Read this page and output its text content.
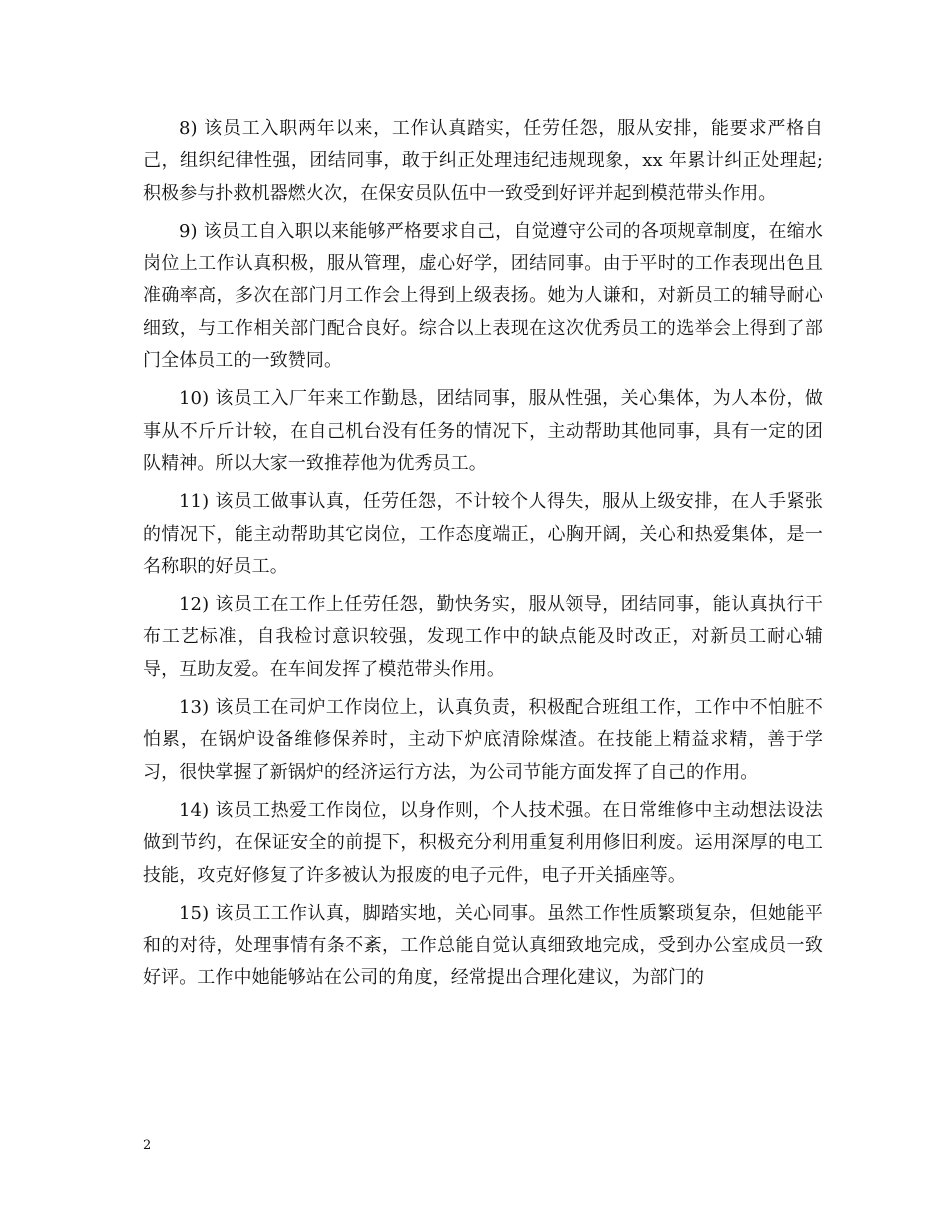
8) 该员工入职两年以来，工作认真踏实，任劳任怨，服从安排，能要求严格自己，组织纪律性强，团结同事，敢于纠正处理违纪违规现象，xx 年累计纠正处理起;积极参与扑救机器燃火次，在保安员队伍中一致受到好评并起到模范带头作用。

9) 该员工自入职以来能够严格要求自己，自觉遵守公司的各项规章制度，在缩水岗位上工作认真积极，服从管理，虚心好学，团结同事。由于平时的工作表现出色且准确率高，多次在部门月工作会上得到上级表扬。她为人谦和，对新员工的辅导耐心细致，与工作相关部门配合良好。综合以上表现在这次优秀员工的选举会上得到了部门全体员工的一致赞同。

10) 该员工入厂年来工作勤恳，团结同事，服从性强，关心集体，为人本份，做事从不斤斤计较，在自己机台没有任务的情况下，主动帮助其他同事，具有一定的团队精神。所以大家一致推荐他为优秀员工。

11) 该员工做事认真，任劳任怨，不计较个人得失，服从上级安排，在人手紧张的情况下，能主动帮助其它岗位，工作态度端正，心胸开阔，关心和热爱集体，是一名称职的好员工。

12) 该员工在工作上任劳任怨，勤快务实，服从领导，团结同事，能认真执行干布工艺标准，自我检讨意识较强，发现工作中的缺点能及时改正，对新员工耐心辅导，互助友爱。在车间发挥了模范带头作用。

13) 该员工在司炉工作岗位上，认真负责，积极配合班组工作，工作中不怕脏不怕累，在锅炉设备维修保养时，主动下炉底清除煤渣。在技能上精益求精，善于学习，很快掌握了新锅炉的经济运行方法，为公司节能方面发挥了自己的作用。

14) 该员工热爱工作岗位，以身作则，个人技术强。在日常维修中主动想法设法做到节约，在保证安全的前提下，积极充分利用重复利用修旧利废。运用深厚的电工技能，攻克好修复了许多被认为报废的电子元件，电子开关插座等。

15) 该员工工作认真，脚踏实地，关心同事。虽然工作性质繁琐复杂，但她能平和的对待，处理事情有条不紊，工作总能自觉认真细致地完成，受到办公室成员一致好评。工作中她能够站在公司的角度，经常提出合理化建议，为部门的

2
